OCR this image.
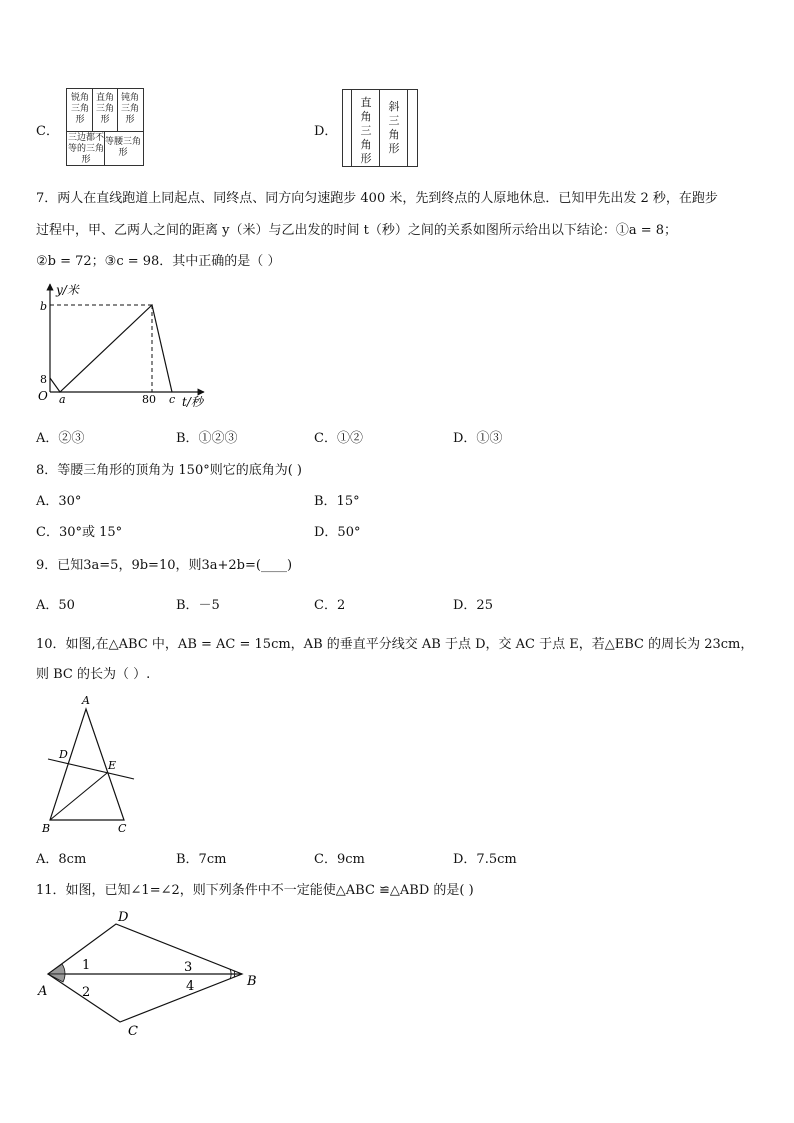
C．
锐角三角形
直角三角形
钝角三角形
三边都不等的三角形
等腰三角形
D．
直角三角形
斜三角形
7．两人在直线跑道上同起点、同终点、同方向匀速跑步 400 米，先到终点的人原地休息．已知甲先出发 2 秒，在跑步
过程中，甲、乙两人之间的距离 y（米）与乙出发的时间 t（秒）之间的关系如图所示给出以下结论：①a = 8；
②b = 72；③c = 98．其中正确的是（ ）
y/米
t/秒
b
8
O a	80 c
A．②③	B．①②③	C．①②	D．①③
8．等腰三角形的顶角为 150°则它的底角为( )
A．30°	B．15°
C．30°或 15°	D．50°
9．已知3a=5，9b=10，则3a+2b=(____)
A．50	B．－5	C．2	D．25
10．如图,在△ABC 中，AB = AC = 15cm，AB 的垂直平分线交 AB 于点 D，交 AC 于点 E，若△EBC 的周长为 23cm，
则 BC 的长为（ ）.
A
D
E
B	C
A．8cm	B．7cm	C．9cm	D．7.5cm
11．如图，已知∠1=∠2，则下列条件中不一定能使△ABC ≌△ABD 的是( )
D
A
B
C
1
2
3
4
